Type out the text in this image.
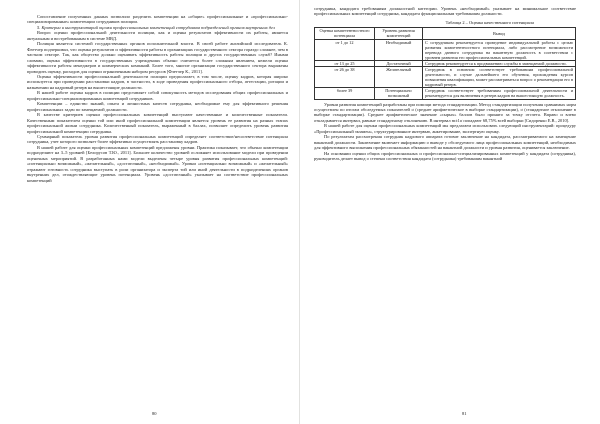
Сопоставление полученных данных позволило разделить компетенции на «общие» профессиональные и «профессионально-специализированные» компетенции сотрудников полиции.

5. Критерии и инструментарий оценки профессиональных компетенций сотрудников подразделений органов внутренних дел

Вопрос оценки профессиональной деятельности полиции, как и оценка результатов эффективности их работы, является актуальным и востребованным в системе МВД.

Полиция является системой государственных органов исполнительной власти. В своей работе английский исследователь К. Флетчер подчеркивал, что оценка результатов и эффективности работы в организациях государственного сектора гораздо сложнее, чем в частном секторе. Так, как общество должно оценивать эффективность работы полиции и других государственных служб? Иными словами, оценка эффективности в государственных учреждениях обычно считается более сложным явлением, нежели оценка эффективности работы менеджеров и коммерческих компаний. Более того, многие организации государственного сектора выражены проводить оценку, расходов для оценки ограниченным набором ресурсов [Флетчер К., 2011].

Оценка эффективности профессиональной деятельности полиции предполагает, в том числе, оценку кадров, которая широко используется при проведении расстановки кадров, в частности, в ходе проведения профессионального отбора, аттестации, ротации и назначении на кадровый резерв на вышестоящие должности.

В нашей работе оценка кадров в полиции представляет собой совокупность методов исследования общих профессиональных и профессионально-специализированных компетенций сотрудников.

Компетенции – единство знаний, опыта и личностных качеств сотрудника, необходимые ему для эффективного решения профессиональных задач по замещаемой должности.

В качестве критериев оценки профессиональных компетенций выступают качественные и количественные показатели. Качественным показателем оценки той или иной профессиональной компетенции является уровень ее развития на разных этапах профессиональной жизни сотрудника. Количественный показатель, выраженный в баллах, позволяет определить уровень развития профессиональной компетенции сотрудника.

Суммарный показатель уровня развития профессиональных компетенций определяет соответствие/несоответствие потенциала сотрудника, учет которого позволяет более эффективно осуществлять расстановку кадров.

В нашей работе для оценки профессиональных компетенций предложены уровни. Практика показывает, что обычно компетенции подразделяют на 3–5 уровней [Белорусов Т.Ю., 2011]. Большее количество уровней осложняет использование модели при проведении оценочных мероприятий. В разработанных нами модели выделены четыре уровня развития профессиональных компетенций: «потенциально возможный», «желательный», «достаточный», «необходимый». Уровни «потенциально возможный» и «желательный» отражают готовность сотрудника выступать в роли организатора и эксперта той или иной деятельности в подразделениях органов внутренних дел, отождествляющие уровень потенциала. Уровень «достаточный» указывает на соответствие профессиональных компетенций

80

сотрудника, кандидата требованиям должностной категории. Уровень «необходимый» указывает на минимальное соответствие профессиональных компетенций сотрудника, кандидата функциональным требованиям должности.

Таблица 2 – Оценка качественного потенциала
Оценка компетентностного потенциала	Уровень развития компетенций	Вывод
от 1 до 12	Необходимый	С сотрудником рекомендуется проведение индивидуальной работы с целью развития компетентностного потенциала, либо рассмотрение возможности перевода данного сотрудника на вакантную должность в соответствии с уровнем развития его профессиональных компетенций.
от 13 до 25	Достаточный	Сотрудник рекомендуется к продвижению службы в замещаемой должности.
от 26 до 38	Желательный	Сотрудник в основном соответствует требованиям профессиональной деятельности, и случае дальнейшего его обучения, прохождения курсов повышения квалификации, может рассматриваться вопрос о рекомендации его в кадровый резерв.
более 39	Потенциально возможный	Сотрудник соответствует требованиям профессиональной деятельности и рекомендуется для включения в резерв кадров на вышестоящую должность.

Уровни развития компетенций разработаны при помощи метода стандартизации. Метод стандартизации получения сравнимых норм осуществлен по итогам обследуемых показателей σ (среднее арифметическое в выборке стандартизации), σ (стандартное отклонение в выборке стандартизации). Среднее арифметическое значение «сырых» баллов было принято за точку отсчета. Вправо и влево откладывается интервал, равные стандартному отклонению. В интервал m±1σ попадают 68,75% всей выборки [Сидоренко Е.В., 2010].

В нашей работе для оценки профессиональных компетенций мы предлагаем использовать следующий инструментарий: процедуру «Профессиональный экзамен», структурированное интервью, анкетирование, экспертную оценку.

По результатам рассмотрения сотрудник кадрового аппарата готовит заключение на кандидата, рассматриваемого на замещение вакантной должности. Заключение включает информацию о выводе у обследуемого лица профессиональных компетенций, необходимых для эффективного выполнения профессиональных обязанностей на вакантной должности и уровня развития, оценивается заключение.

На основании оценки общих профессиональных и профессионально-специализированных компетенций у кандидата (сотрудника), руководитель делает вывод о степени соответствия кандидата (сотрудника) требованиям вакантной

81
